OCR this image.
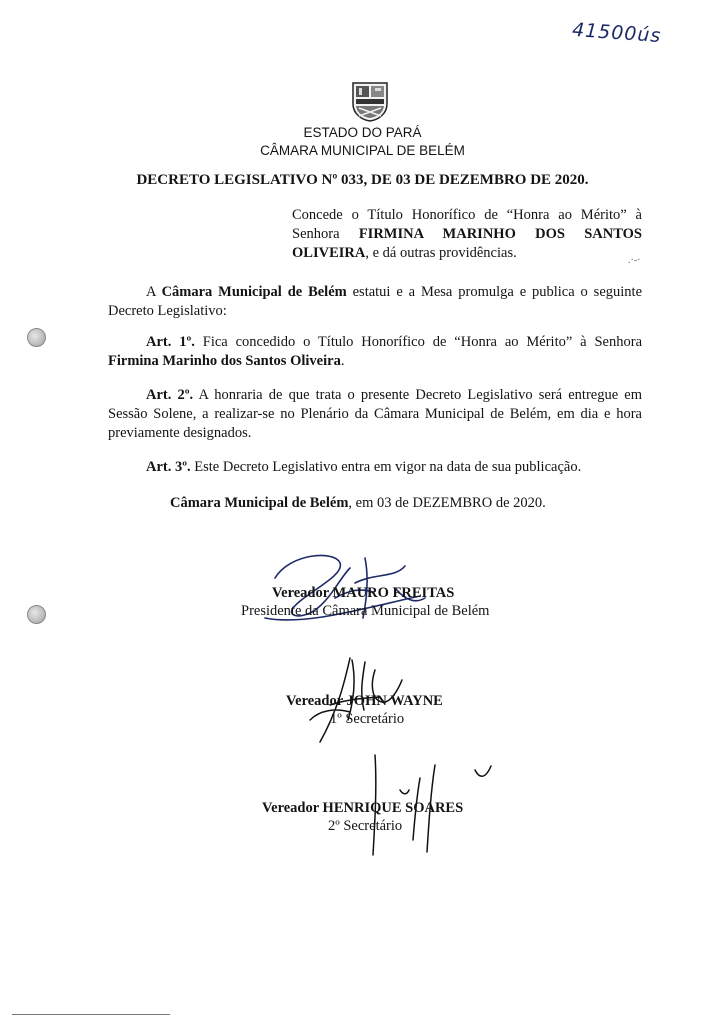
41500ús
ESTADO DO PARÁ
CÂMARA MUNICIPAL DE BELÉM
DECRETO LEGISLATIVO Nº 033, DE 03 DE DEZEMBRO DE 2020.
Concede o Título Honorífico de “Honra ao Mérito” à Senhora FIRMINA MARINHO DOS SANTOS OLIVEIRA, e dá outras providências.	.·-·
A Câmara Municipal de Belém estatui e a Mesa promulga e publica o seguinte Decreto Legislativo:
Art. 1º. Fica concedido o Título Honorífico de “Honra ao Mérito” à Senhora Firmina Marinho dos Santos Oliveira.
Art. 2º. A honraria de que trata o presente Decreto Legislativo será entregue em Sessão Solene, a realizar-se no Plenário da Câmara Municipal de Belém, em dia e hora previamente designados.
Art. 3º. Este Decreto Legislativo entra em vigor na data de sua publicação.
Câmara Municipal de Belém, em 03 de DEZEMBRO de 2020.
Vereador MAURO FREITAS
Presidente da Câmara Municipal de Belém
Vereador JOHN WAYNE
1º Secretário
Vereador HENRIQUE SOARES
2º Secretário
